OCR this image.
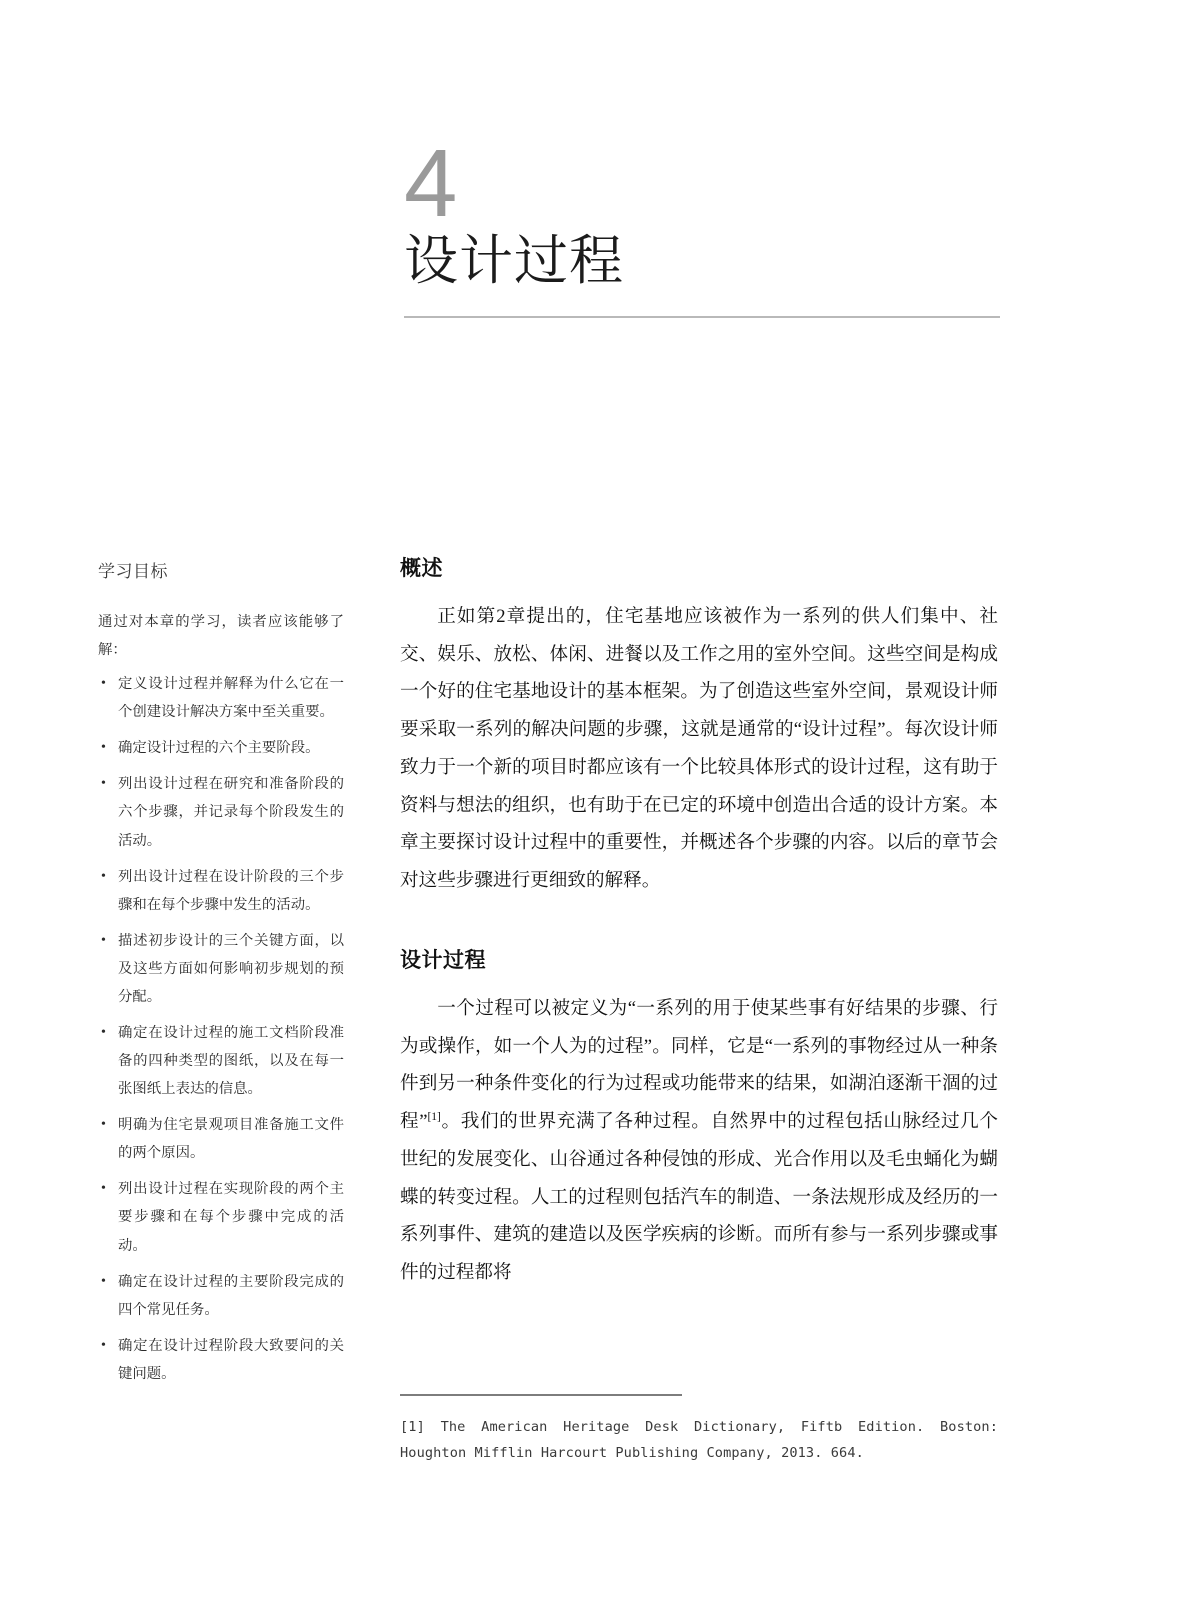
4
设计过程
学习目标

通过对本章的学习，读者应该能够了解：

• 定义设计过程并解释为什么它在一个创建设计解决方案中至关重要。
• 确定设计过程的六个主要阶段。
• 列出设计过程在研究和准备阶段的六个步骤，并记录每个阶段发生的活动。
• 列出设计过程在设计阶段的三个步骤和在每个步骤中发生的活动。
• 描述初步设计的三个关键方面，以及这些方面如何影响初步规划的预分配。
• 确定在设计过程的施工文档阶段准备的四种类型的图纸，以及在每一张图纸上表达的信息。
• 明确为住宅景观项目准备施工文件的两个原因。
• 列出设计过程在实现阶段的两个主要步骤和在每个步骤中完成的活动。
• 确定在设计过程的主要阶段完成的四个常见任务。
• 确定在设计过程阶段大致要问的关键问题。
概述

正如第2章提出的，住宅基地应该被作为一系列的供人们集中、社交、娱乐、放松、体闲、进餐以及工作之用的室外空间。这些空间是构成一个好的住宅基地设计的基本框架。为了创造这些室外空间，景观设计师要采取一系列的解决问题的步骤，这就是通常的“设计过程”。每次设计师致力于一个新的项目时都应该有一个比较具体形式的设计过程，这有助于资料与想法的组织，也有助于在已定的环境中创造出合适的设计方案。本章主要探讨设计过程中的重要性，并概述各个步骤的内容。以后的章节会对这些步骤进行更细致的解释。

设计过程

一个过程可以被定义为“一系列的用于使某些事有好结果的步骤、行为或操作，如一个人为的过程”。同样，它是“一系列的事物经过从一种条件到另一种条件变化的行为过程或功能带来的结果，如湖泊逐渐干涸的过程”[1]。我们的世界充满了各种过程。自然界中的过程包括山脉经过几个世纪的发展变化、山谷通过各种侵蚀的形成、光合作用以及毛虫蛹化为蝴蝶的转变过程。人工的过程则包括汽车的制造、一条法规形成及经历的一系列事件、建筑的建造以及医学疾病的诊断。而所有参与一系列步骤或事件的过程都将

[1] The American Heritage Desk Dictionary, Fiftb Edition. Boston: Houghton Mifflin Harcourt Publishing Company, 2013. 664.
